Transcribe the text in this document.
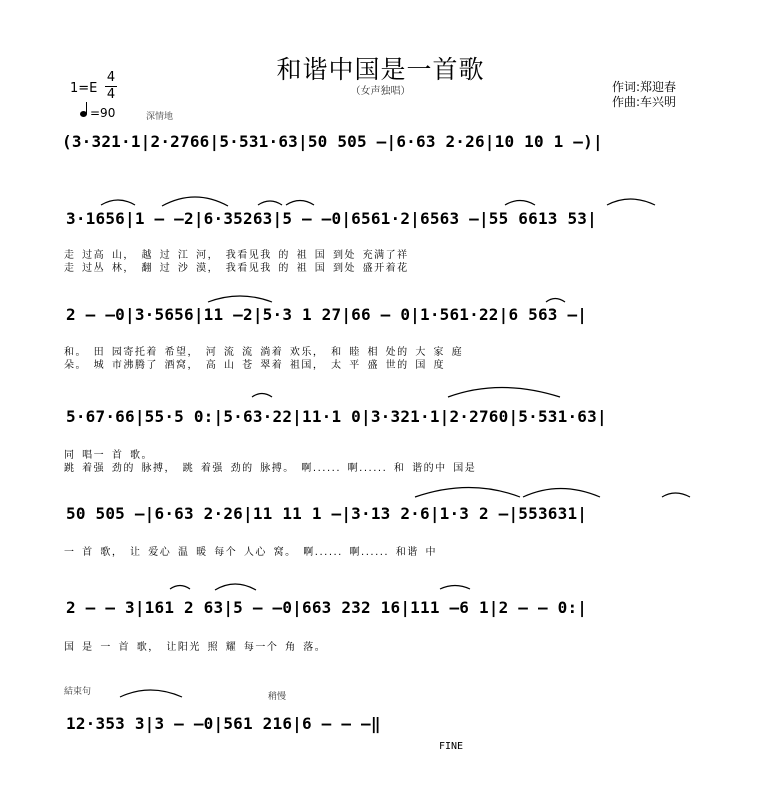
和谐中国是一首歌
（女声独唱）
1=E
4
4
=90	深情地
作词:郑迎春
作曲:车兴明
(3·321·1|2·2766|5·531·63|50 505 —|6·63 2·26|10 10 1 —)|
3·1656|1 — —2|6·35263|5 — —0|6561·2|6563 —|55 6613 53|
走 过高 山， 越 过 江 河， 我看见我 的 祖 国 到处 充满了祥
走 过丛 林， 翻 过 沙 漠， 我看见我 的 祖 国 到处 盛开着花
2 — —0|3·5656|11 —2|5·3 1 27|66 — 0|1·561·22|6 563 —|
和。 田 园寄托着 希望， 河 流 流 淌着 欢乐， 和 睦 相 处的 大 家 庭
朵。 城 市沸腾了 酒窝， 高 山 苍 翠着 祖国， 太 平 盛 世的 国 度
5·67·66|55·5 0:|5·63·22|11·1 0|3·321·1|2·2760|5·531·63|
同 唱一 首 歌。
跳 着强 劲的 脉搏， 跳 着强 劲的 脉搏。 啊...... 啊...... 和 谐的中 国是
50 505 —|6·63 2·26|11 11 1 —|3·13 2·6|1·3 2 —|553631|
一 首 歌， 让 爱心 温 暖 每个 人心 窝。 啊...... 啊...... 和谐 中
2 — — 3|161 2 63|5 — —0|663 232 16|111 —6 1|2 — — 0:|
国 是 一 首 歌， 让阳光 照 耀 每一个 角 落。
結束句	稍慢
12·353 3|3 — —0|561 216|6 — — —‖
FINE
